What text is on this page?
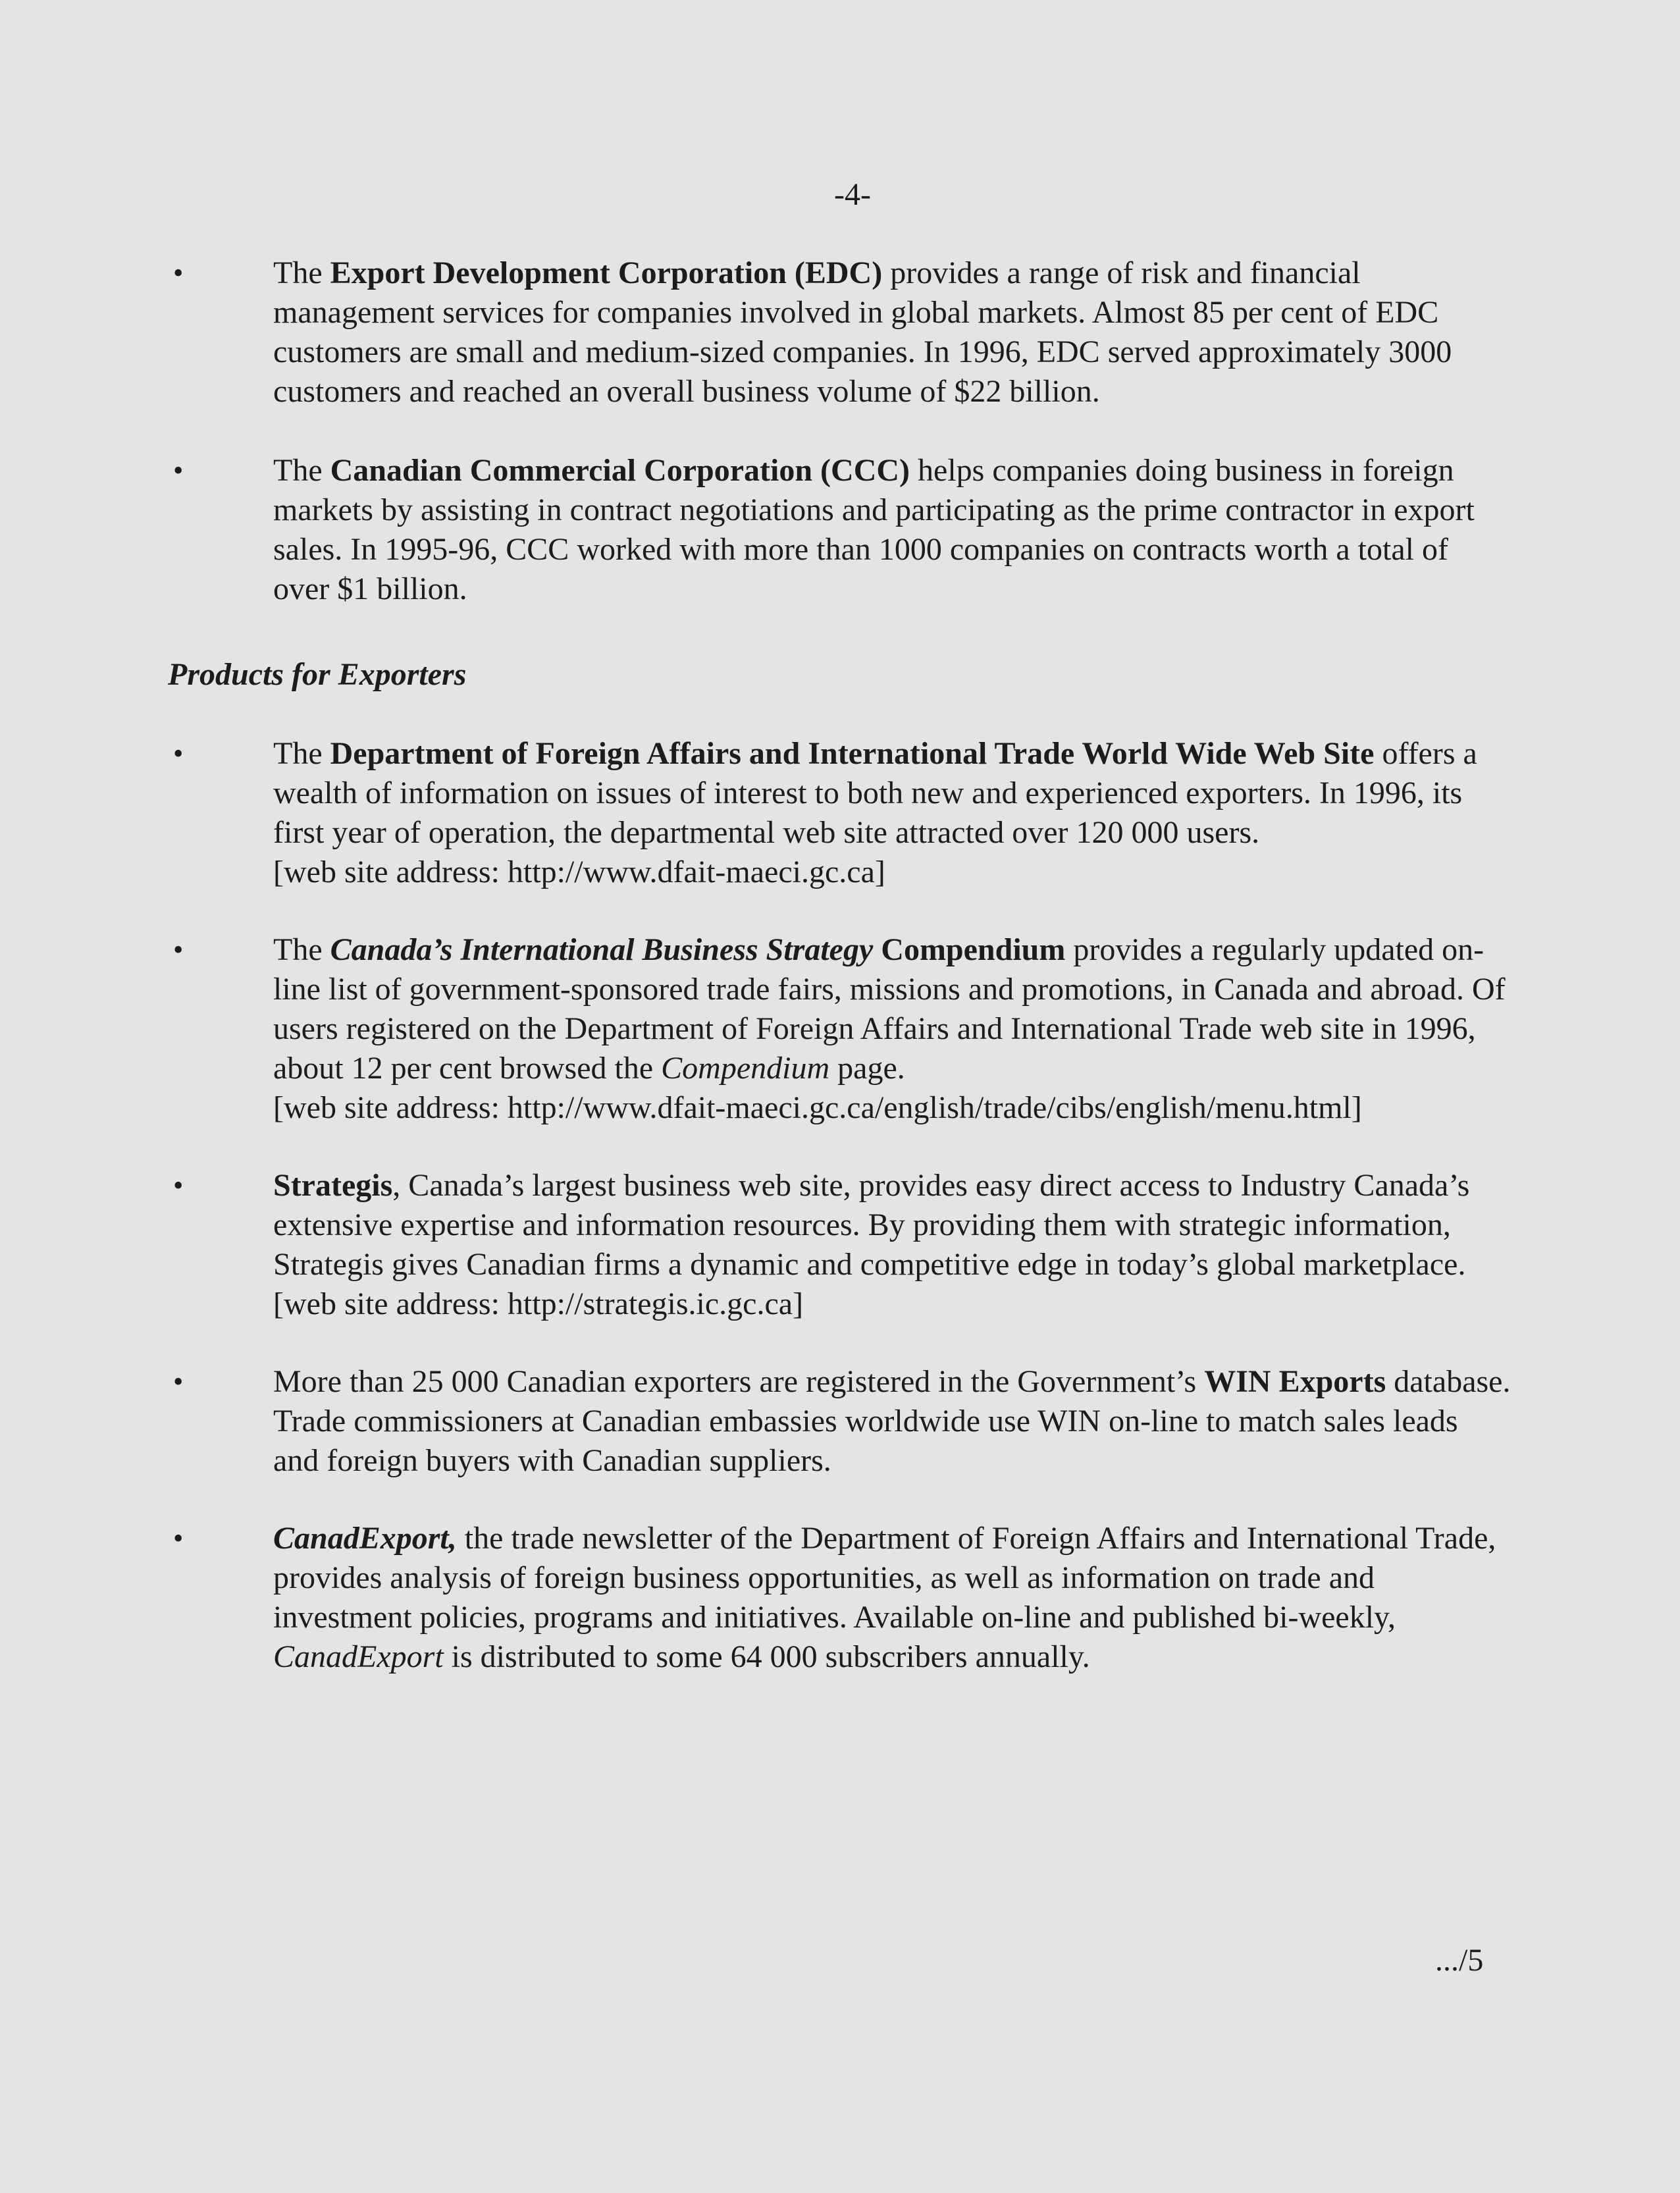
-4-
•	The Export Development Corporation (EDC) provides a range of risk and financial management services for companies involved in global markets. Almost 85 per cent of EDC customers are small and medium-sized companies. In 1996, EDC served approximately 3000 customers and reached an overall business volume of $22 billion.

•	The Canadian Commercial Corporation (CCC) helps companies doing business in foreign markets by assisting in contract negotiations and participating as the prime contractor in export sales. In 1995-96, CCC worked with more than 1000 companies on contracts worth a total of over $1 billion.

Products for Exporters
•	The Department of Foreign Affairs and International Trade World Wide Web Site offers a wealth of information on issues of interest to both new and experienced exporters. In 1996, its first year of operation, the departmental web site attracted over 120 000 users.

[web site address: http://www.dfait-maeci.gc.ca]

•	The Canada’s International Business Strategy Compendium provides a regularly updated on-line list of government-sponsored trade fairs, missions and promotions, in Canada and abroad. Of users registered on the Department of Foreign Affairs and International Trade web site in 1996, about 12 per cent browsed the Compendium page.

[web site address: http://www.dfait-maeci.gc.ca/english/trade/cibs/english/menu.html]

•	Strategis, Canada’s largest business web site, provides easy direct access to Industry Canada’s extensive expertise and information resources. By providing them with strategic information, Strategis gives Canadian firms a dynamic and competitive edge in today’s global marketplace.

[web site address: http://strategis.ic.gc.ca]

•	More than 25 000 Canadian exporters are registered in the Government’s WIN Exports database. Trade commissioners at Canadian embassies worldwide use WIN on-line to match sales leads and foreign buyers with Canadian suppliers.

•	CanadExport, the trade newsletter of the Department of Foreign Affairs and International Trade, provides analysis of foreign business opportunities, as well as information on trade and investment policies, programs and initiatives. Available on-line and published bi-weekly, CanadExport is distributed to some 64 000 subscribers annually.

.../5
